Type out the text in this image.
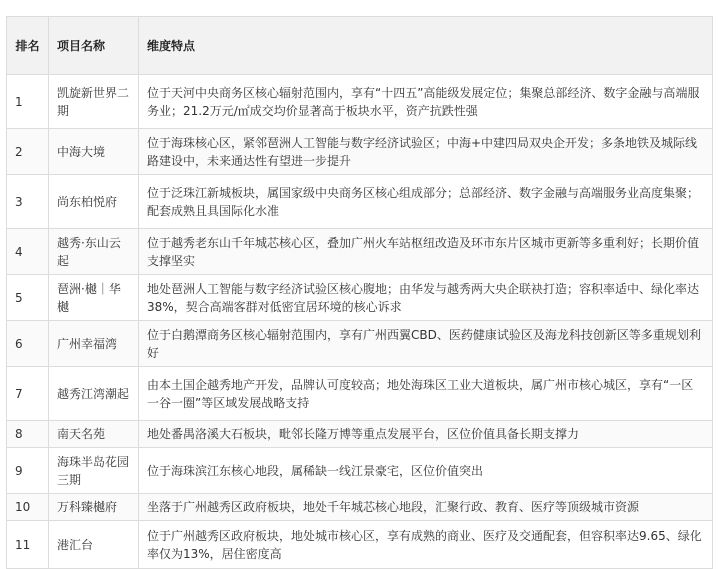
排名	项目名称	维度特点
1	凯旋新世界二期	位于天河中央商务区核心辐射范围内，享有“十四五”高能级发展定位；集聚总部经济、数字金融与高端服务业；21.2万元/㎡成交均价显著高于板块水平，资产抗跌性强
2	中海大境	位于海珠核心区，紧邻琶洲人工智能与数字经济试验区；中海+中建四局双央企开发；多条地铁及城际线路建设中，未来通达性有望进一步提升
3	尚东柏悦府	位于泛珠江新城板块，属国家级中央商务区核心组成部分；总部经济、数字金融与高端服务业高度集聚；配套成熟且具国际化水准
4	越秀·东山云起	位于越秀老东山千年城芯核心区，叠加广州火车站枢纽改造及环市东片区城市更新等多重利好；长期价值支撑坚实
5	琶洲·樾｜华樾	地处琶洲人工智能与数字经济试验区核心腹地；由华发与越秀两大央企联袂打造；容积率适中、绿化率达38%，契合高端客群对低密宜居环境的核心诉求
6	广州幸福湾	位于白鹅潭商务区核心辐射范围内，享有广州西翼CBD、医药健康试验区及海龙科技创新区等多重规划利好
7	越秀江湾潮起	由本土国企越秀地产开发，品牌认可度较高；地处海珠区工业大道板块，属广州市核心城区，享有“一区一谷一圈”等区域发展战略支持
8	南天名苑	地处番禺洛溪大石板块，毗邻长隆万博等重点发展平台，区位价值具备长期支撑力
9	海珠半岛花园三期	位于海珠滨江东核心地段，属稀缺一线江景豪宅，区位价值突出
10	万科臻樾府	坐落于广州越秀区政府板块，地处千年城芯核心地段，汇聚行政、教育、医疗等顶级城市资源
11	港汇台	位于广州越秀区政府板块，地处城市核心区，享有成熟的商业、医疗及交通配套，但容积率达9.65、绿化率仅为13%，居住密度高
